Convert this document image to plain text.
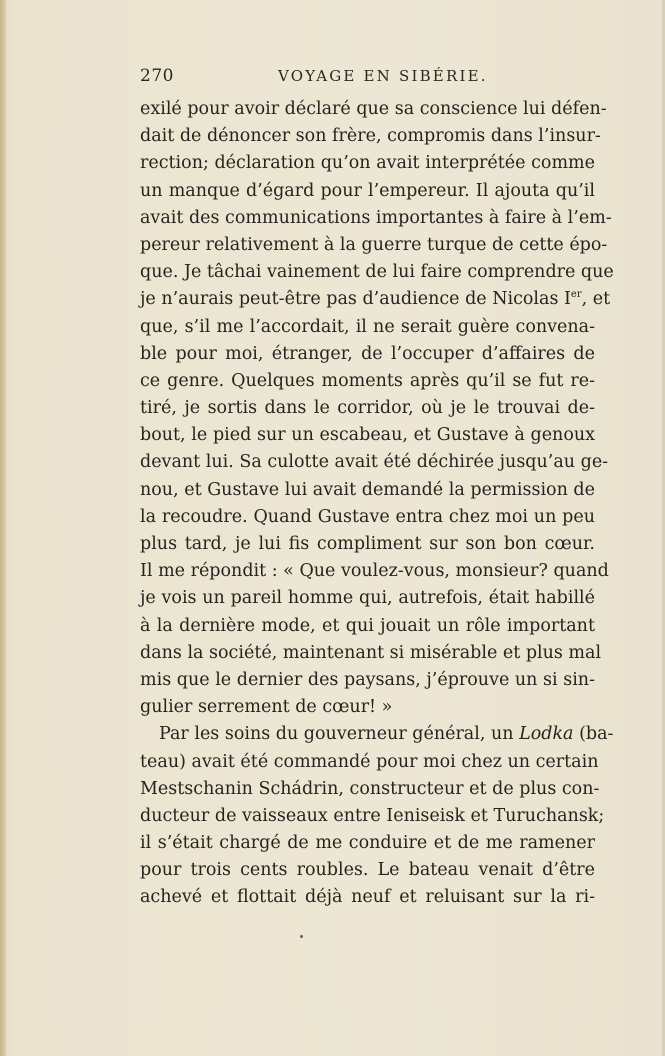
270	VOYAGE EN SIBÉRIE.
exilé pour avoir déclaré que sa conscience lui défen-
dait de dénoncer son frère, compromis dans l’insur-
rection; déclaration qu’on avait interprétée comme
un manque d’égard pour l’empereur. Il ajouta qu’il
avait des communications importantes à faire à l’em-
pereur relativement à la guerre turque de cette épo-
que. Je tâchai vainement de lui faire comprendre que
je n’aurais peut-être pas d’audience de Nicolas Ier, et
que, s’il me l’accordait, il ne serait guère convena-
ble pour moi, étranger, de l’occuper d’affaires de
ce genre. Quelques moments après qu’il se fut re-
tiré, je sortis dans le corridor, où je le trouvai de-
bout, le pied sur un escabeau, et Gustave à genoux
devant lui. Sa culotte avait été déchirée jusqu’au ge-
nou, et Gustave lui avait demandé la permission de
la recoudre. Quand Gustave entra chez moi un peu
plus tard, je lui fis compliment sur son bon cœur.
Il me répondit : « Que voulez-vous, monsieur? quand
je vois un pareil homme qui, autrefois, était habillé
à la dernière mode, et qui jouait un rôle important
dans la société, maintenant si misérable et plus mal
mis que le dernier des paysans, j’éprouve un si sin-
gulier serrement de cœur! »
Par les soins du gouverneur général, un Lodka (ba-
teau) avait été commandé pour moi chez un certain
Mestschanin Schádrin, constructeur et de plus con-
ducteur de vaisseaux entre Ieniseisk et Turuchansk;
il s’était chargé de me conduire et de me ramener
pour trois cents roubles. Le bateau venait d’être
achevé et flottait déjà neuf et reluisant sur la ri-
